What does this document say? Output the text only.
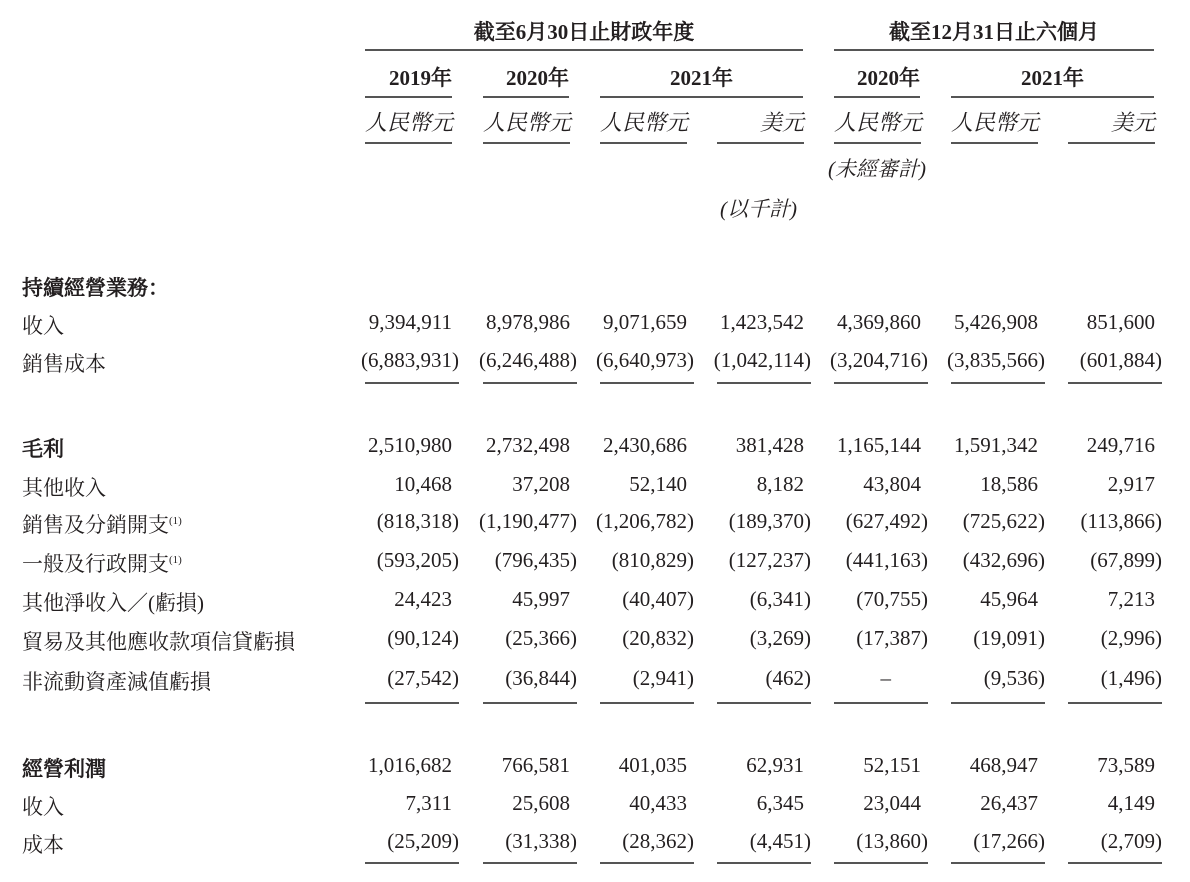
截至6月30日止財政年度	截至12月31日止六個月
2019年	2020年	2021年	2020年	2021年
人民幣元 人民幣元 人民幣元	美元 人民幣元 人民幣元	美元
(未經審計)
(以千計)
持續經營業務：
收入	9,394,911	8,978,986	9,071,659	1,423,542	4,369,860	5,426,908	851,600
銷售成本	(6,883,931) (6,246,488) (6,640,973) (1,042,114) (3,204,716) (3,835,566)	(601,884)
毛利	2,510,980	2,732,498	2,430,686	381,428	1,165,144	1,591,342	249,716
其他收入	10,468	37,208	52,140	8,182	43,804	18,586	2,917
銷售及分銷開支$^{(1)}$	(818,318) (1,190,477) (1,206,782)	(189,370)	(627,492)	(725,622)	(113,866)
一般及行政開支$^{(1)}$	(593,205)	(796,435)	(810,829)	(127,237)	(441,163)	(432,696)	(67,899)
其他淨收入／(虧損)	24,423	45,997	(40,407)	(6,341)	(70,755)	45,964	7,213
貿易及其他應收款項信貸虧損	(90,124)	(25,366)	(20,832)	(3,269)	(17,387)	(19,091)	(2,996)
非流動資產減值虧損	(27,542)	(36,844)	(2,941)	(462)	–	(9,536)	(1,496)
經營利潤	1,016,682	766,581	401,035	62,931	52,151	468,947	73,589
收入	7,311	25,608	40,433	6,345	23,044	26,437	4,149
成本	(25,209)	(31,338)	(28,362)	(4,451)	(13,860)	(17,266)	(2,709)
